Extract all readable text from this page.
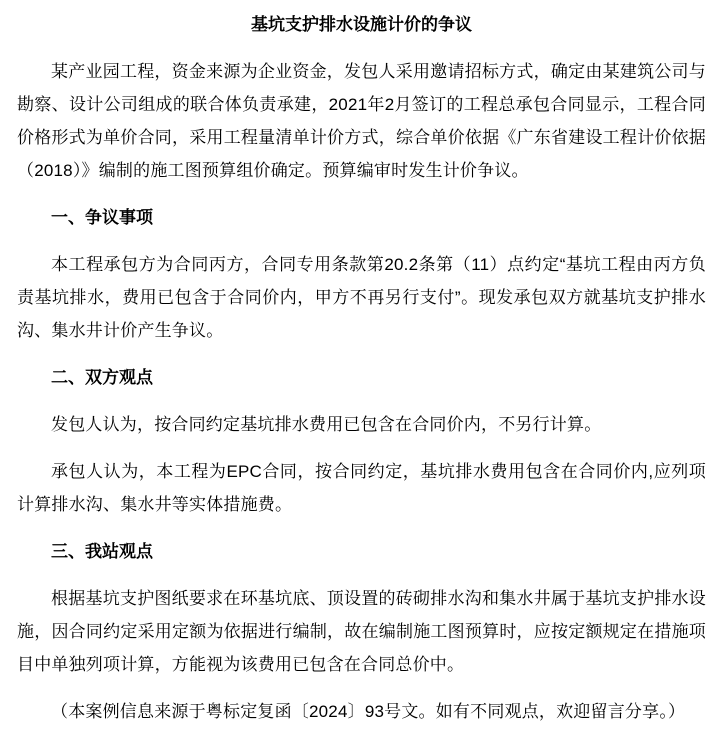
基坑支护排水设施计价的争议

某产业园工程，资金来源为企业资金，发包人采用邀请招标方式，确定由某建筑公司与勘察、设计公司组成的联合体负责承建，2021年2月签订的工程总承包合同显示，工程合同价格形式为单价合同，采用工程量清单计价方式，综合单价依据《广东省建设工程计价依据（2018）》编制的施工图预算组价确定。预算编审时发生计价争议。

一、争议事项

本工程承包方为合同丙方，合同专用条款第20.2条第（11）点约定“基坑工程由丙方负责基坑排水，费用已包含于合同价内，甲方不再另行支付”。现发承包双方就基坑支护排水沟、集水井计价产生争议。

二、双方观点

发包人认为，按合同约定基坑排水费用已包含在合同价内，不另行计算。

承包人认为，本工程为EPC合同，按合同约定，基坑排水费用包含在合同价内,应列项计算排水沟、集水井等实体措施费。

三、我站观点

根据基坑支护图纸要求在环基坑底、顶设置的砖砌排水沟和集水井属于基坑支护排水设施，因合同约定采用定额为依据进行编制，故在编制施工图预算时，应按定额规定在措施项目中单独列项计算，方能视为该费用已包含在合同总价中。

（本案例信息来源于粤标定复函〔2024〕93号文。如有不同观点，欢迎留言分享。）
